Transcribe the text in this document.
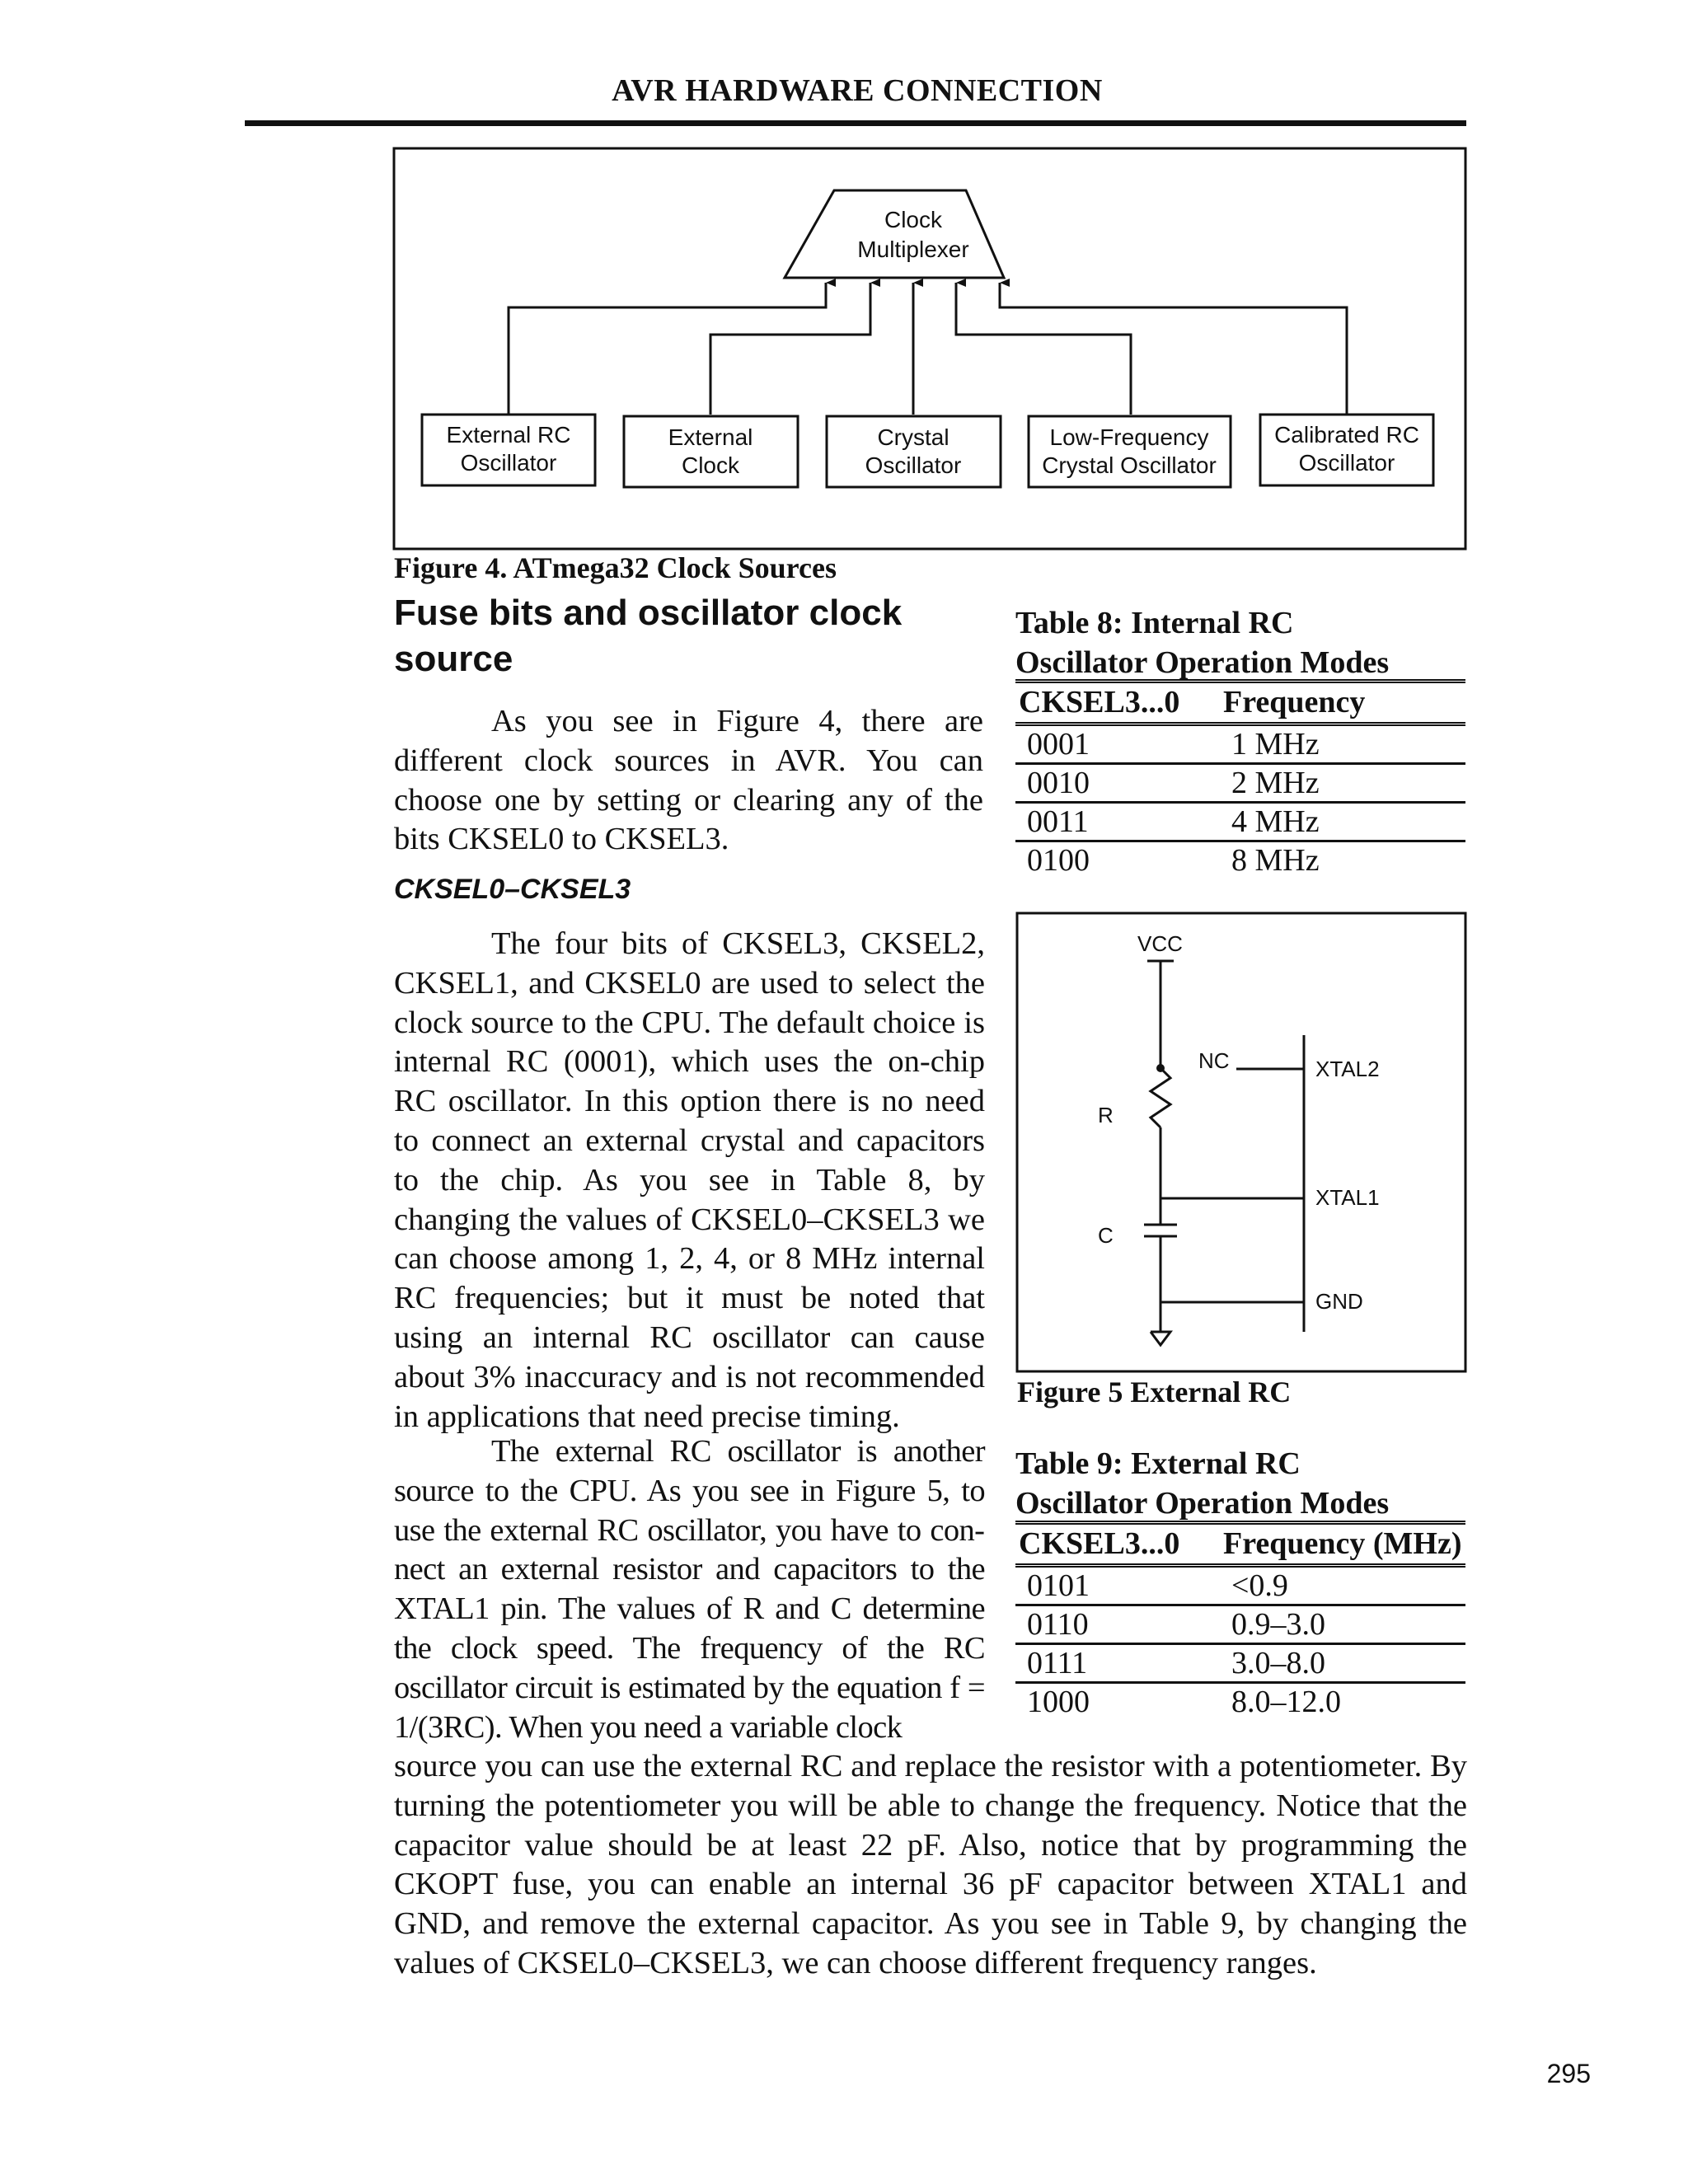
AVR HARDWARE CONNECTION
Clock
Multiplexer
External RC
Oscillator
External
Clock
Crystal
Oscillator
Low-Frequency
Crystal Oscillator
Calibrated RC
Oscillator
Figure 4. ATmega32 Clock Sources
Fuse bits and oscillator clock
source

As you see in Figure 4, there are different clock sources in AVR. You can choose one by setting or clearing any of the bits CKSEL0 to CKSEL3.

CKSEL0–CKSEL3

The four bits of CKSEL3, CKSEL2, CKSEL1, and CKSEL0 are used to select the clock source to the CPU. The default choice is internal RC (0001), which uses the on-chip RC oscillator. In this option there is no need to connect an external crystal and capacitors to the chip. As you see in Table 8, by changing the values of CKSEL0–CKSEL3 we can choose among 1, 2, 4, or 8 MHz internal RC frequencies; but it must be noted that using an internal RC oscillator can cause about 3% inaccuracy and is not recommended in applications that need precise timing.

The external RC oscillator is another source to the CPU. As you see in Figure 5, to use the external RC oscillator, you have to connect an external resistor and capacitors to the XTAL1 pin. The values of R and C determine the clock speed. The frequency of the RC oscillator circuit is estimated by the equation f = 1/(3RC). When you need a variable clock

source you can use the external RC and replace the resistor with a potentiometer. By turning the potentiometer you will be able to change the frequency. Notice that the capacitor value should be at least 22 pF. Also, notice that by programming the CKOPT fuse, you can enable an internal 36 pF capacitor between XTAL1 and GND, and remove the external capacitor. As you see in Table 9, by changing the values of CKSEL0–CKSEL3, we can choose different frequency ranges.

Table 8: Internal RC
Oscillator Operation Modes
CKSEL3...0	Frequency
0001	1 MHz
0010	2 MHz
0011	4 MHz
0100	8 MHz
VCC
NC	XTAL2
R
XTAL1
C
GND
Figure 5 External RC
Table 9: External RC
Oscillator Operation Modes
CKSEL3...0	Frequency (MHz)
0101	<0.9
0110	0.9–3.0
0111	3.0–8.0
1000	8.0–12.0
295
